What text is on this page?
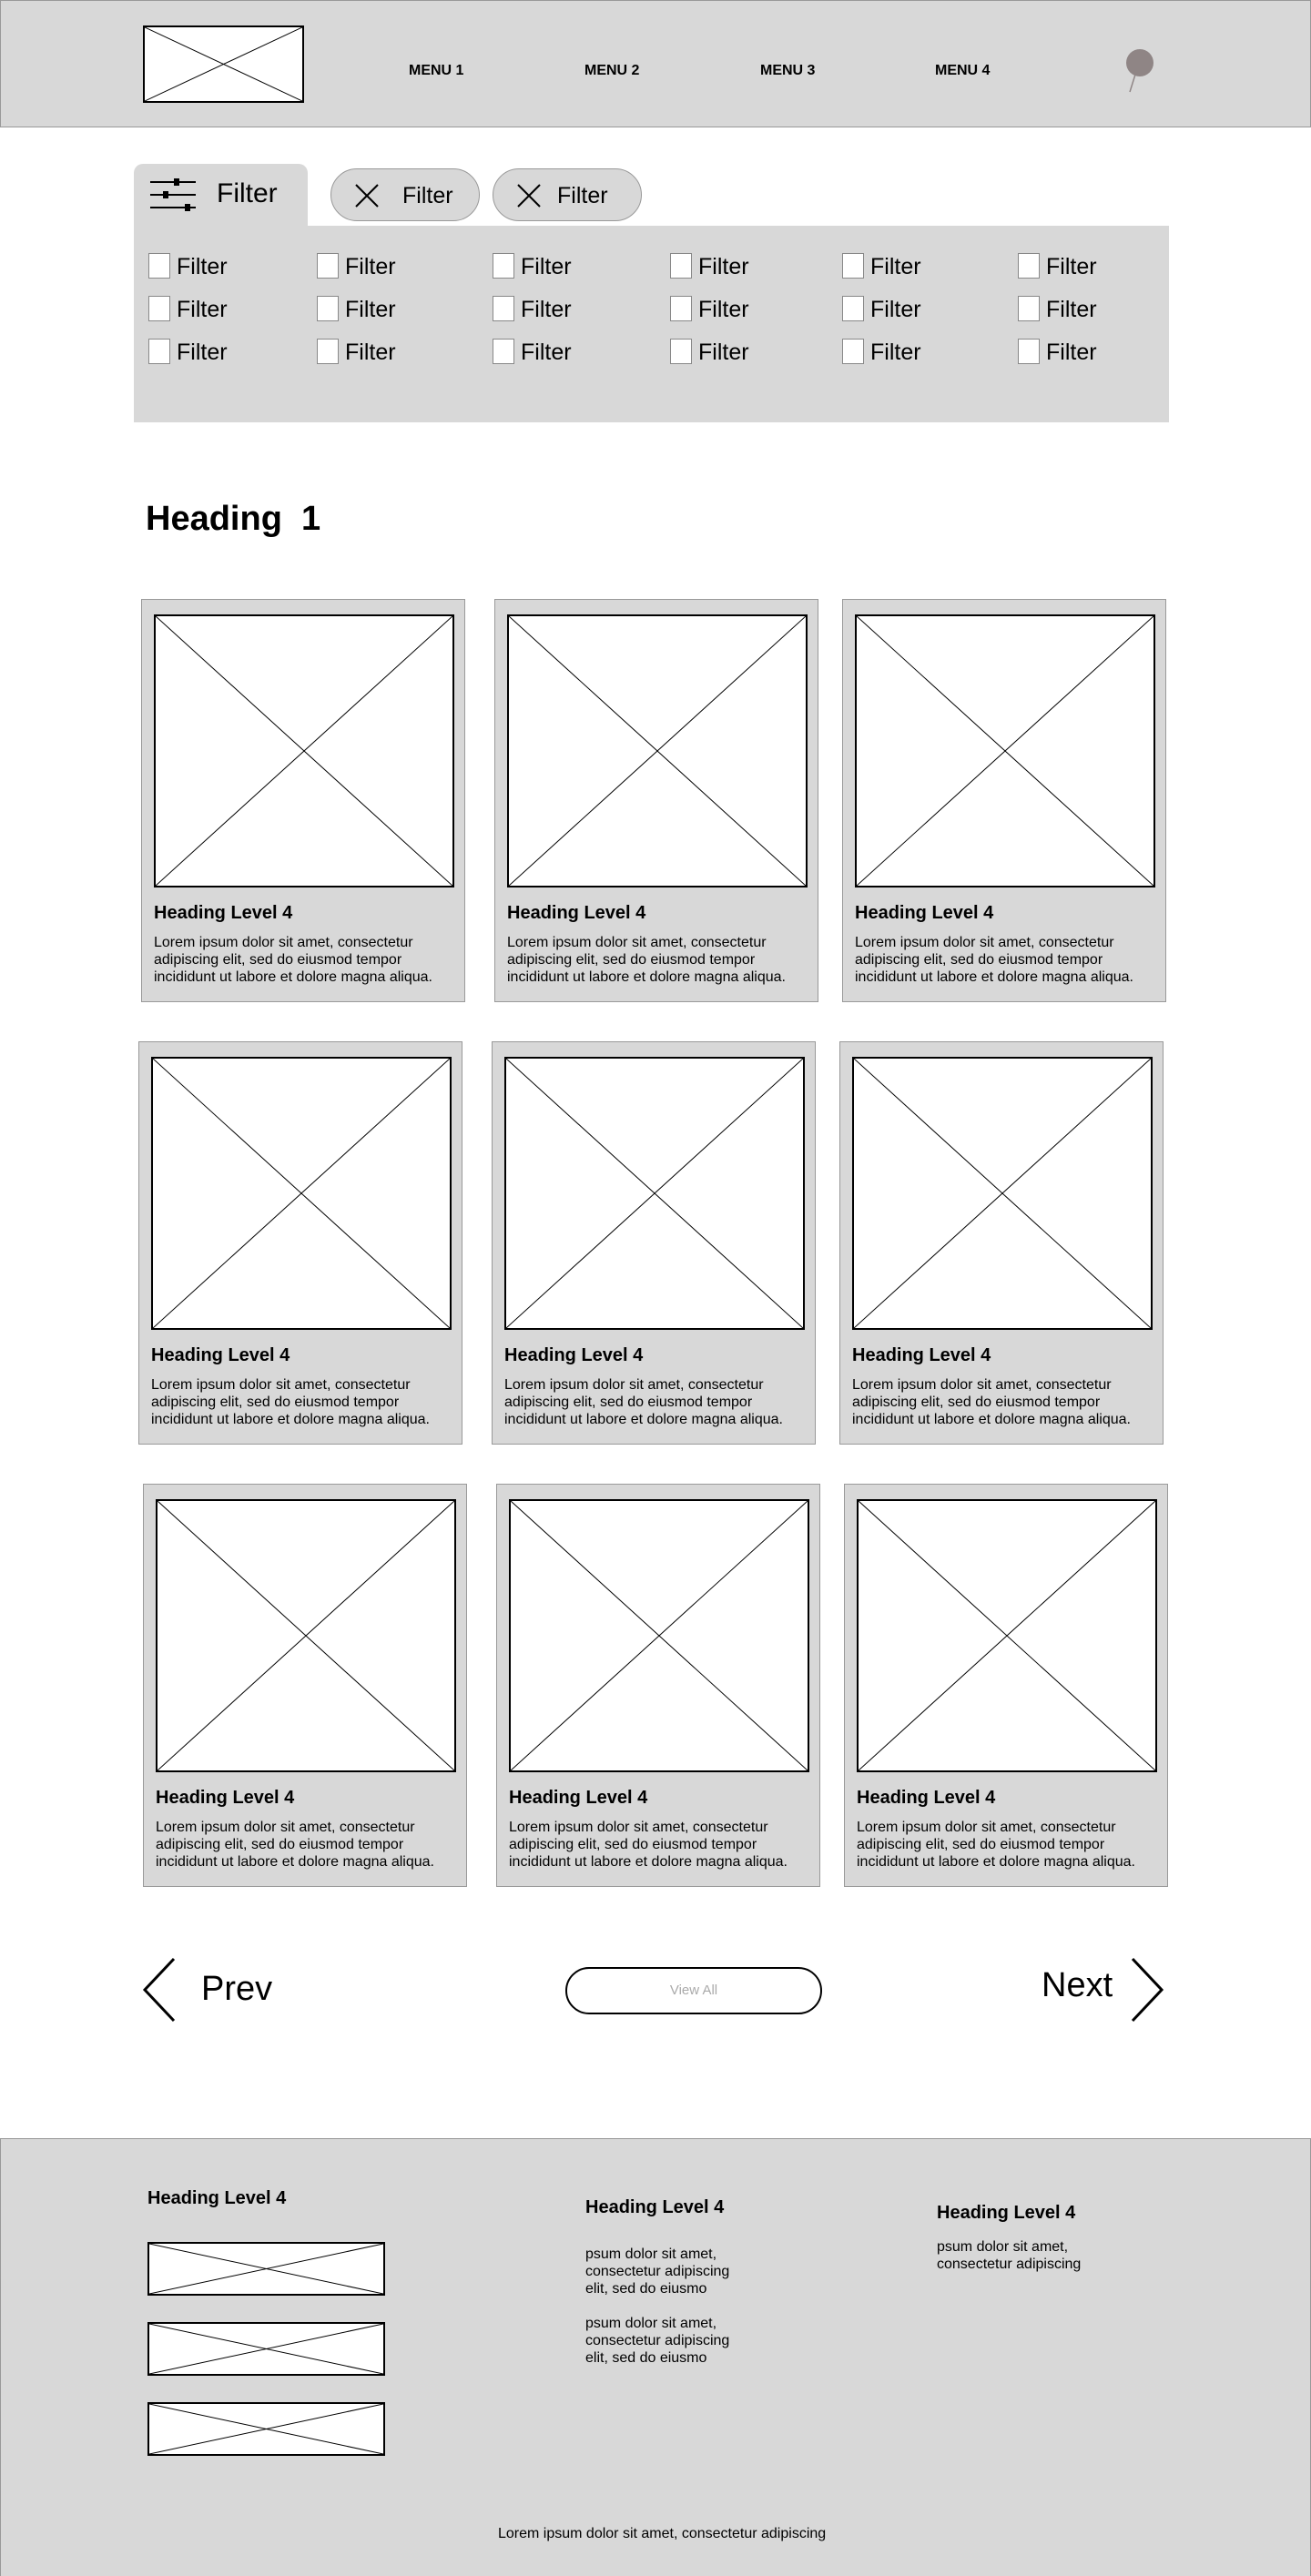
MENU 1	MENU 2	MENU 3	MENU 4
Filter	Filter	Filter
Filter	Filter	Filter	Filter	Filter	Filter
Filter	Filter	Filter	Filter	Filter	Filter
Filter	Filter	Filter	Filter	Filter	Filter
Heading  1
Heading Level 4
Lorem ipsum dolor sit amet, consectetur adipiscing elit, sed do eiusmod tempor incididunt ut labore et dolore magna aliqua.
Heading Level 4
Lorem ipsum dolor sit amet, consectetur adipiscing elit, sed do eiusmod tempor incididunt ut labore et dolore magna aliqua.
Heading Level 4
Lorem ipsum dolor sit amet, consectetur adipiscing elit, sed do eiusmod tempor incididunt ut labore et dolore magna aliqua.
Heading Level 4
Lorem ipsum dolor sit amet, consectetur adipiscing elit, sed do eiusmod tempor incididunt ut labore et dolore magna aliqua.
Heading Level 4
Lorem ipsum dolor sit amet, consectetur adipiscing elit, sed do eiusmod tempor incididunt ut labore et dolore magna aliqua.
Heading Level 4
Lorem ipsum dolor sit amet, consectetur adipiscing elit, sed do eiusmod tempor incididunt ut labore et dolore magna aliqua.
Heading Level 4
Lorem ipsum dolor sit amet, consectetur adipiscing elit, sed do eiusmod tempor incididunt ut labore et dolore magna aliqua.
Heading Level 4
Lorem ipsum dolor sit amet, consectetur adipiscing elit, sed do eiusmod tempor incididunt ut labore et dolore magna aliqua.
Heading Level 4
Lorem ipsum dolor sit amet, consectetur adipiscing elit, sed do eiusmod tempor incididunt ut labore et dolore magna aliqua.
Prev	View All	Next
Heading Level 4	Heading Level 4
psum dolor sit amet, consectetur adipiscing elit, sed do eiusmo
psum dolor sit amet, consectetur adipiscing elit, sed do eiusmo
Heading Level 4
psum dolor sit amet, consectetur adipiscing
Lorem ipsum dolor sit amet, consectetur adipiscing
